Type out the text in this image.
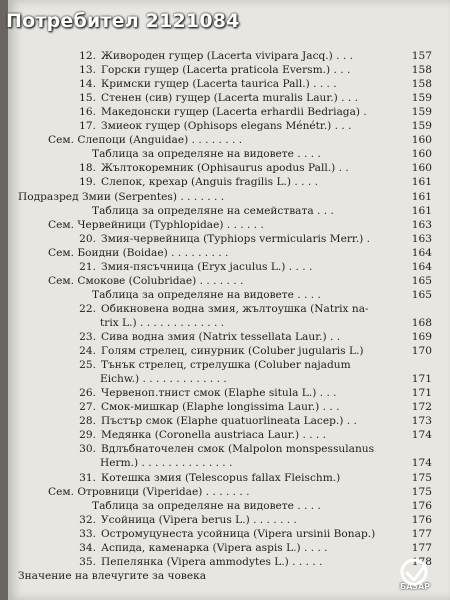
12. Живороден гущер (Lacerta vivipara Jacq.) . . .	157
13. Горски гущер (Lacerta praticola Eversm.) . . .	158
14. Кримски гущер (Lacerta taurica Pall.) . . . .	158
15. Стенен (сив) гущер (Lacerta muralis Laur.) . . .	159
16. Македонски гущер (Lacerta erhardii Bedriaga) .	159
17. Змиеок гущер (Ophisops elegans Ménétr.) . . .	159
Сем. Слепоци (Anguidae) . . . . . . . .	160
Таблица за определяне на видовете . . . .	160
18. Жълтокоремник (Ophisaurus apodus Pall.) . .	160
19. Слепок, крехар (Anguis fragilis L.) . . . .	161
Подразред Змии (Serpentes) . . . . . . .	161
Таблица за определяне на семействата . . .	161
Сем. Червейници (Typhlopidae) . . . . . .	163
20. Змия-червейница (Typhiops vermicularis Merr.) .	163
Сем. Боидни (Boidae) . . . . . . . . .	164
21. Змия-пясъчница (Eryx jaculus L.) . . . .	164
Сем. Смокове (Colubridae) . . . . . . .	165
Таблица за определяне на видовете . . . .	165
22. Обикновена водна змия, жълтоушка (Natrix na-
trix L.) . . . . . . . . . . . . .	168
23. Сива водна змия (Natrix tessellata Laur.) . .	169
24. Голям стрелец, синурник (Coluber jugularis L.)	170
25. Тънък стрелец, стрелушка (Coluber najadum
Eichw.) . . . . . . . . . . . . .	171
26. Червеноп.тнист смок (Elaphe situla L.) . . .	171
27. Смок-мишкар (Elaphe longissima Laur.) . . .	172
28. Пъстър смок (Elaphe quatuorlineata Lacep.) . .	173
29. Медянка (Coronella austriaca Laur.) . . . .	174
30. Вдлъбнаточелен смок (Malpolon monspessulanus
Herm.) . . . . . . . . . . . . . .	174
31. Котешка змия (Telescopus fallax Fleischm.)	175
Сем. Отровници (Viperidae) . . . . . . .	175
Таблица за определяне на видовете . . . .	176
32. Усойница (Vipera berus L.) . . . . . . .	176
33. Остромуцунеста усойница (Vipera ursinii Bonap.)	177
34. Аспида, каменарка (Vipera aspis L.) . . . .	177
35. Пепелянка (Vipera ammodytes L.) . . . . .	178
Значение на влечугите за човека
Потребител 2121084
БАЗАР
